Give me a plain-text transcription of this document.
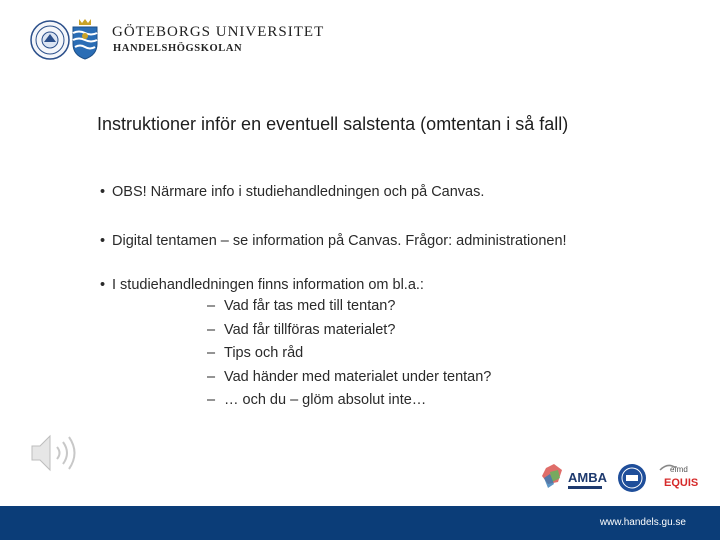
GÖTEBORGS UNIVERSITET
HANDELSHÖGSKOLAN
Instruktioner inför en eventuell salstenta (omtentan i så fall)
• OBS! Närmare info i studiehandledningen och på Canvas.
• Digital tentamen – se information på Canvas. Frågor: administrationen!
• I studiehandledningen finns information om bl.a.:
– Vad får tas med till tentan?
– Vad får tillföras materialet?
– Tips och råd
– Vad händer med materialet under tentan?
– … och du – glöm absolut inte…
AMBA
efmd
EQUIS
www.handels.gu.se
